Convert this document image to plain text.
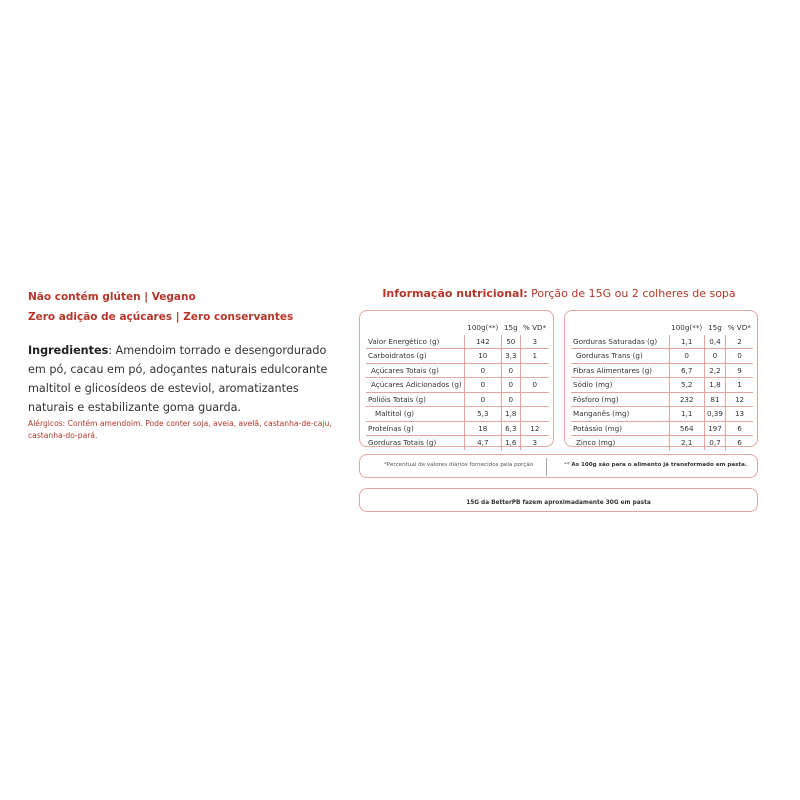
Não contém glúten | Vegano
Zero adição de açúcares | Zero conservantes
Ingredientes: Amendoim torrado e desengordurado em pó, cacau em pó, adoçantes naturais edulcorante maltitol e glicosídeos de esteviol, aromatizantes naturais e estabilizante goma guarda.
Alérgicos: Contém amendoim. Pode conter soja, aveia, avelã, castanha-de-caju, castanha-do-pará.
Informação nutricional: Porção de 15G ou 2 colheres de sopa
	100g(**)	15g	% VD*
Valor Energético (g)	142	50	3
Carboidratos (g)	10	3,3	1
Açúcares Totais (g)	0	0	
Açúcares Adicionados (g)	0	0	0
Polióis Totais (g)	0	0	
Maltitol (g)	5,3	1,8	
Proteínas (g)	18	6,3	12
Gorduras Totais (g)	4,7	1,6	3
	100g(**)	15g	% VD*
Gorduras Saturadas (g)	1,1	0,4	2
Gorduras Trans (g)	0	0	0
Fibras Alimentares (g)	6,7	2,2	9
Sódio (mg)	5,2	1,8	1
Fósforo (mg)	232	81	12
Manganês (mg)	1,1	0,39	13
Potássio (mg)	564	197	6
Zinco (mg)	2,1	0,7	6
*Percentual de valores diários fornecidos pela porção	** As 100g são para o alimento já transformado em pasta.
15G da BetterPB fazem aproximadamente 30G em pasta
